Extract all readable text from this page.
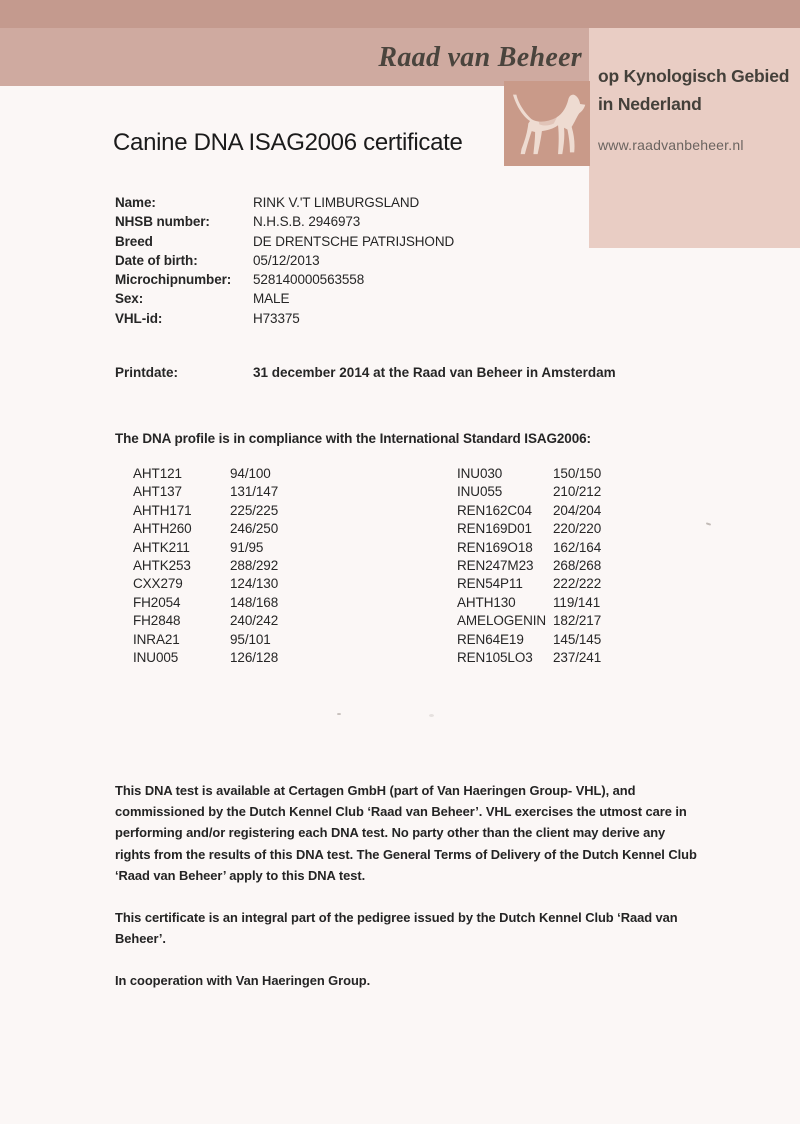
Raad van Beheer
op Kynologisch Gebied
in Nederland
www.raadvanbeheer.nl
Canine DNA ISAG2006 certificate
Name:	RINK V.'T LIMBURGSLAND
NHSB number:	N.H.S.B. 2946973
Breed	DE DRENTSCHE PATRIJSHOND
Date of birth:	05/12/2013
Microchipnumber:	528140000563558
Sex:	MALE
VHL-id:	H73375
Printdate:	31 december 2014 at the Raad van Beheer in Amsterdam
The DNA profile is in compliance with the International Standard ISAG2006:
AHT121	94/100
AHT137	131/147
AHTH171	225/225
AHTH260	246/250
AHTK211	91/95
AHTK253	288/292
CXX279	124/130
FH2054	148/168
FH2848	240/242
INRA21	95/101
INU005	126/128
INU030	150/150
INU055	210/212
REN162C04	204/204
REN169D01	220/220
REN169O18	162/164
REN247M23	268/268
REN54P11	222/222
AHTH130	119/141
AMELOGENIN 182/217
REN64E19	145/145
REN105LO3	237/241

This DNA test is available at Certagen GmbH (part of Van Haeringen Group- VHL), and commissioned by the Dutch Kennel Club ‘Raad van Beheer’. VHL exercises the utmost care in performing and/or registering each DNA test. No party other than the client may derive any rights from the results of this DNA test. The General Terms of Delivery of the Dutch Kennel Club ‘Raad van Beheer’ apply to this DNA test.

This certificate is an integral part of the pedigree issued by the Dutch Kennel Club ‘Raad van Beheer’.

In cooperation with Van Haeringen Group.
